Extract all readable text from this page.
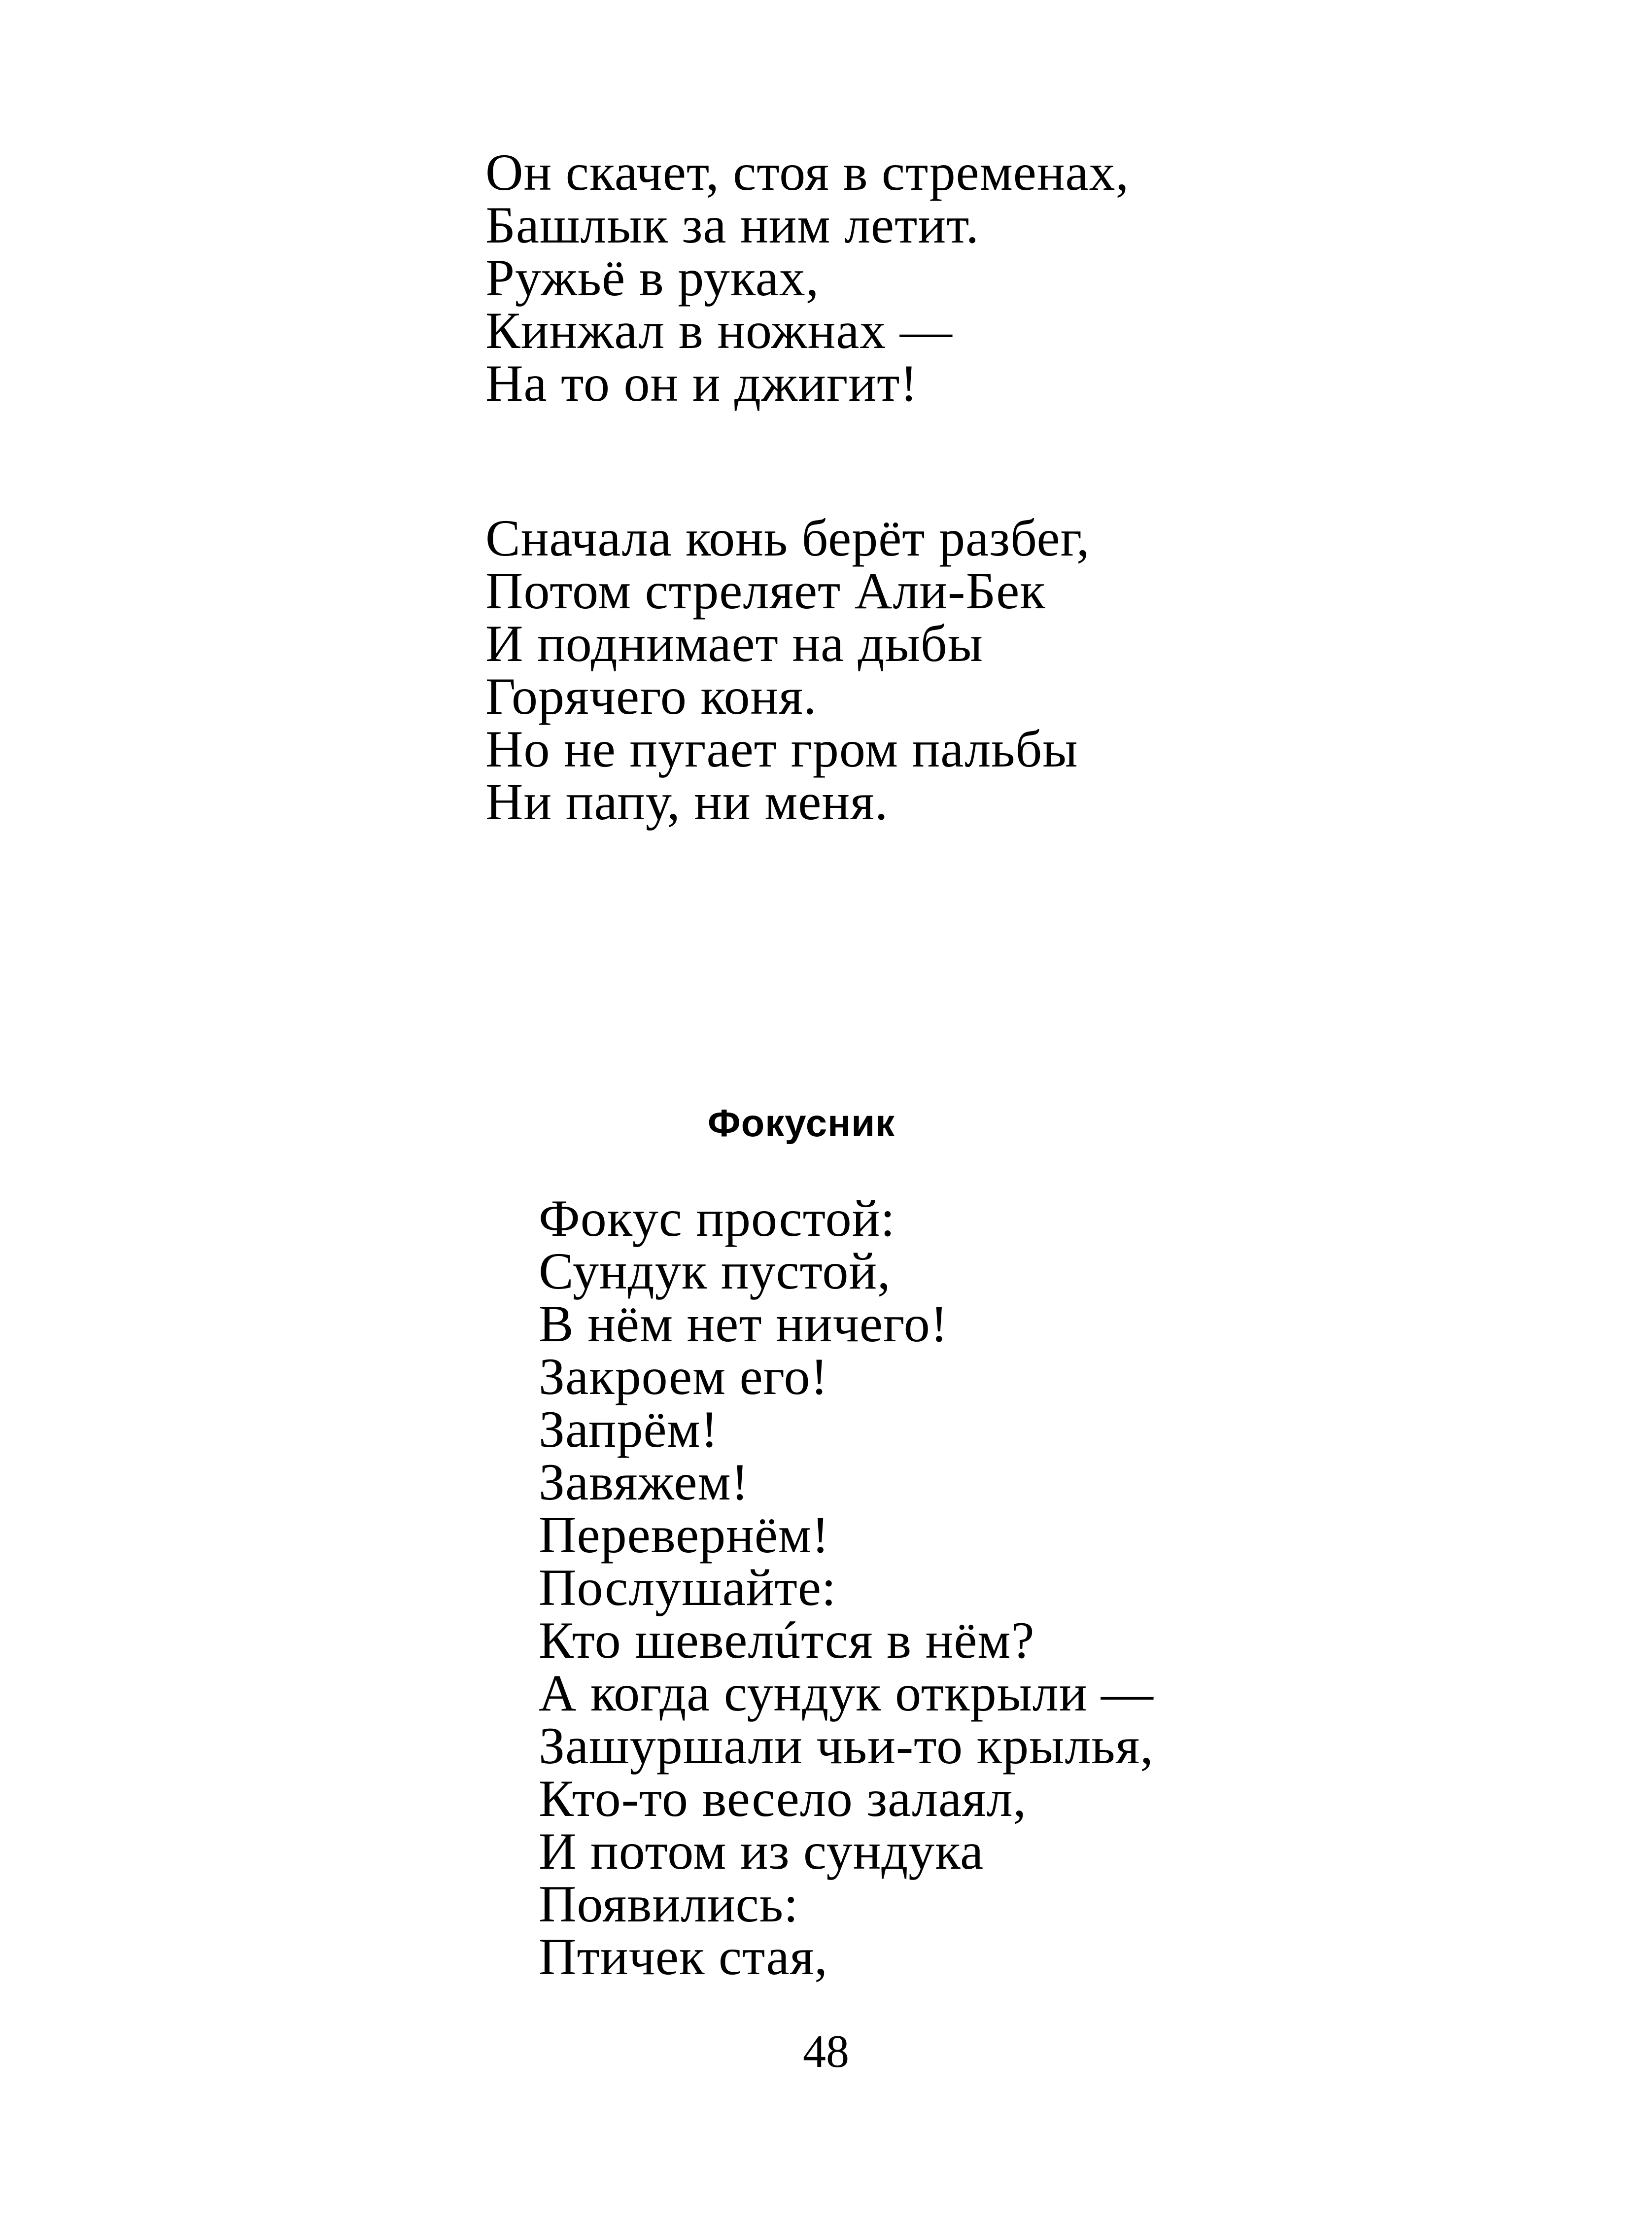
Он скачет, стоя в стременах,
Башлык за ним летит.
Ружьё в руках,
Кинжал в ножнах —
На то он и джигит!
Сначала конь берёт разбег,
Потом стреляет Али-Бек
И поднимает на дыбы
Горячего коня.
Но не пугает гром пальбы
Ни папу, ни меня.
Фокусник
Фокус простой:
Сундук пустой,
В нём нет ничего!
Закроем его!
Запрём!
Завяжем!
Перевернём!
Послушайте:
Кто шевелúтся в нём?
А когда сундук открыли —
Зашуршали чьи-то крылья,
Кто-то весело залаял,
И потом из сундука
Появились:
Птичек стая,
48
